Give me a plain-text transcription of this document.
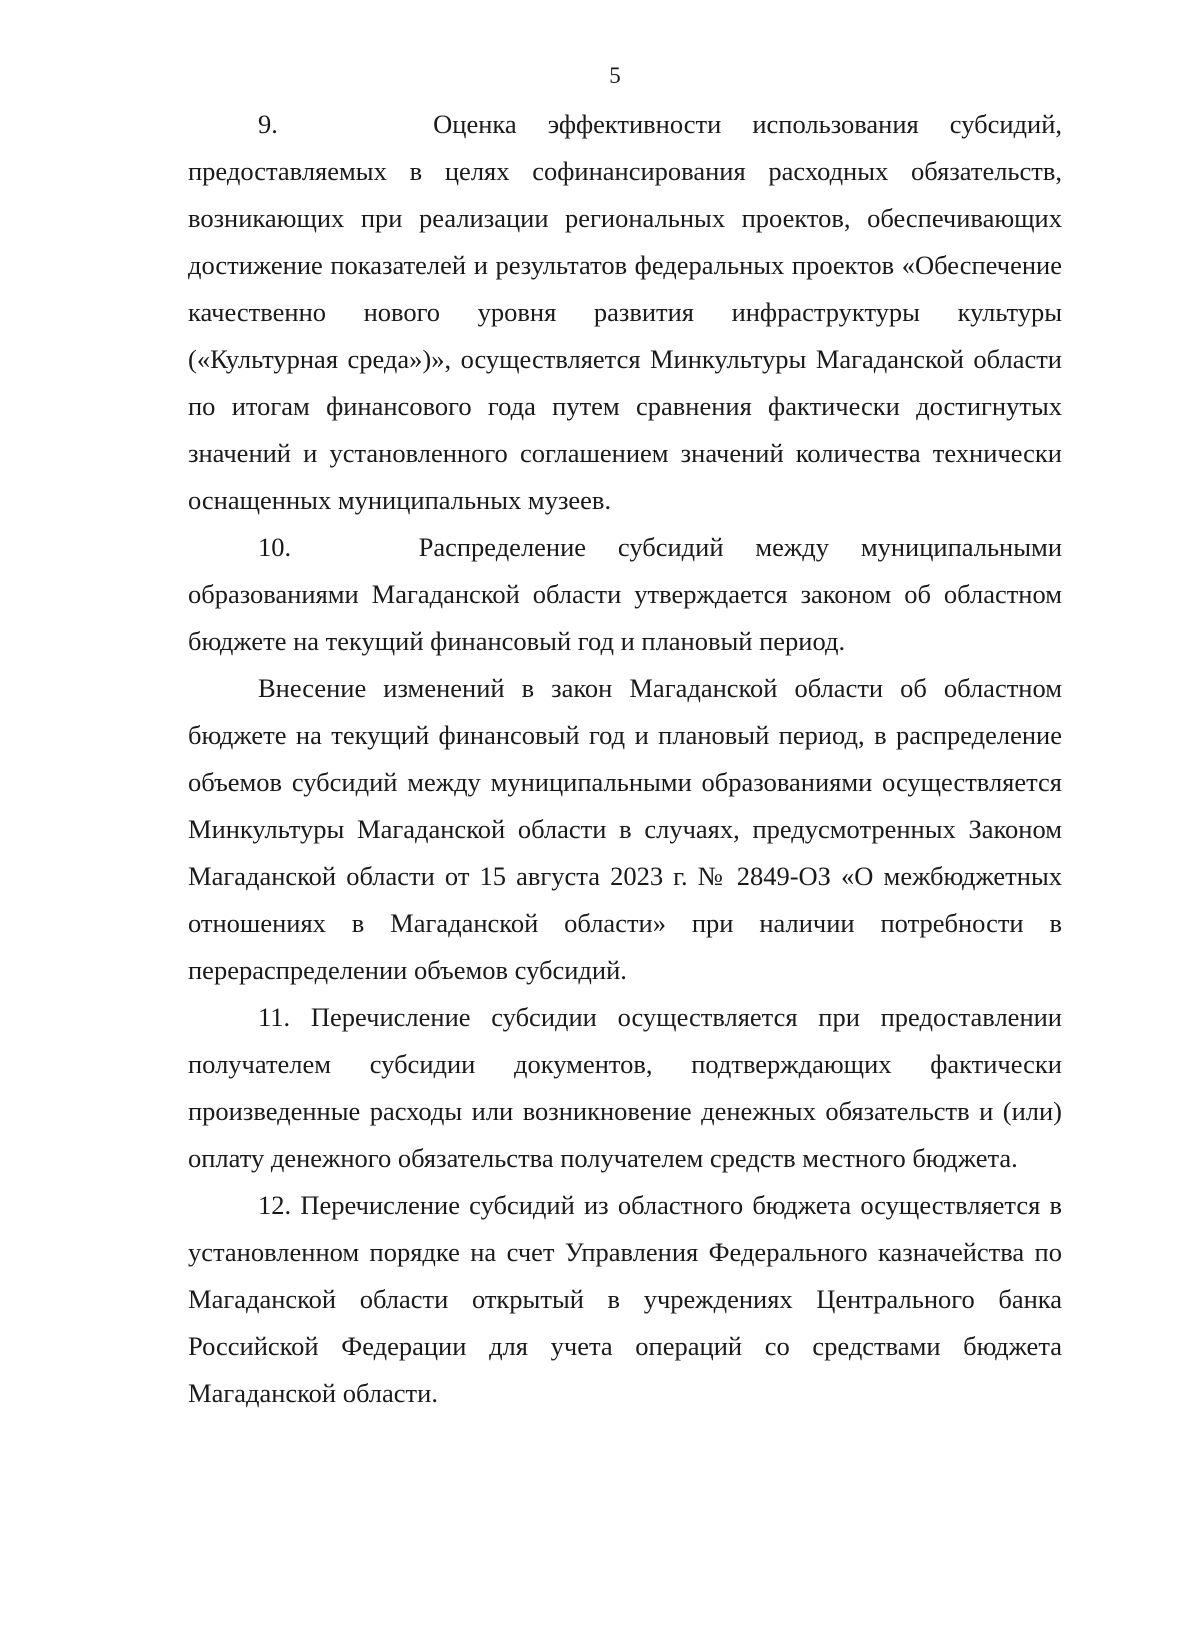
5

9.     Оценка эффективности использования субсидий, предоставляемых в целях софинансирования расходных обязательств, возникающих при реализации региональных проектов, обеспечивающих достижение показателей и результатов федеральных проектов «Обеспечение качественно нового уровня развития инфраструктуры культуры («Культурная среда»)», осуществляется Минкультуры Магаданской области по итогам финансового года путем сравнения фактически достигнутых значений и установленного соглашением значений количества технически оснащенных муниципальных музеев.

10.    Распределение субсидий между муниципальными образованиями Магаданской области утверждается законом об областном бюджете на текущий финансовый год и плановый период.

Внесение изменений в закон Магаданской области об областном бюджете на текущий финансовый год и плановый период, в распределение объемов субсидий между муниципальными образованиями осуществляется Минкультуры Магаданской области в случаях, предусмотренных Законом Магаданской области от 15 августа 2023 г. № 2849-ОЗ «О межбюджетных отношениях в Магаданской области» при наличии потребности в перераспределении объемов субсидий.

11. Перечисление субсидии осуществляется при предоставлении получателем субсидии документов, подтверждающих фактически произведенные расходы или возникновение денежных обязательств и (или) оплату денежного обязательства получателем средств местного бюджета.

12. Перечисление субсидий из областного бюджета осуществляется в установленном порядке на счет Управления Федерального казначейства по Магаданской области открытый в учреждениях Центрального банка Российской Федерации для учета операций со средствами бюджета Магаданской области.
